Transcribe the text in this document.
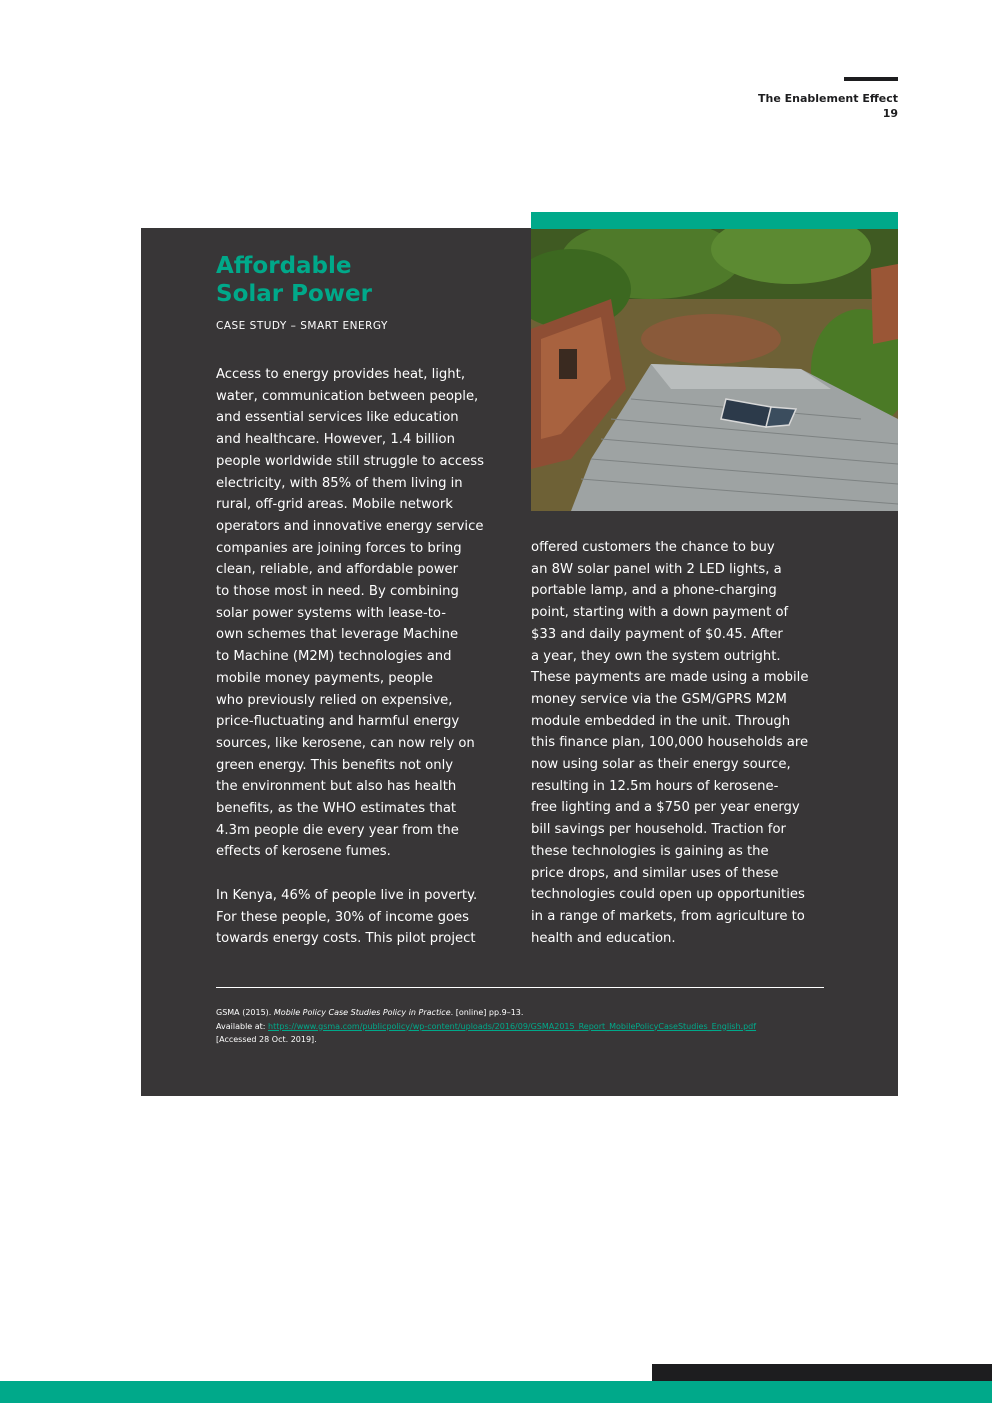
The Enablement Effect
19
Affordable
Solar Power
CASE STUDY – SMART ENERGY
Access to energy provides heat, light,
water, communication between people,
and essential services like education
and healthcare. However, 1.4 billion
people worldwide still struggle to access
electricity, with 85% of them living in
rural, off-grid areas. Mobile network
operators and innovative energy service
companies are joining forces to bring
clean, reliable, and affordable power
to those most in need. By combining
solar power systems with lease-to-
own schemes that leverage Machine
to Machine (M2M) technologies and
mobile money payments, people
who previously relied on expensive,
price-fluctuating and harmful energy
sources, like kerosene, can now rely on
green energy. This benefits not only
the environment but also has health
benefits, as the WHO estimates that
4.3m people die every year from the
effects of kerosene fumes.
In Kenya, 46% of people live in poverty.
For these people, 30% of income goes
towards energy costs. This pilot project
offered customers the chance to buy
an 8W solar panel with 2 LED lights, a
portable lamp, and a phone-charging
point, starting with a down payment of
$33 and daily payment of $0.45. After
a year, they own the system outright.
These payments are made using a mobile
money service via the GSM/GPRS M2M
module embedded in the unit. Through
this finance plan, 100,000 households are
now using solar as their energy source,
resulting in 12.5m hours of kerosene-
free lighting and a $750 per year energy
bill savings per household. Traction for
these technologies is gaining as the
price drops, and similar uses of these
technologies could open up opportunities
in a range of markets, from agriculture to
health and education.
GSMA (2015). Mobile Policy Case Studies Policy in Practice. [online] pp.9–13.
Available at: https://www.gsma.com/publicpolicy/wp-content/uploads/2016/09/GSMA2015_Report_MobilePolicyCaseStudies_English.pdf
[Accessed 28 Oct. 2019].
